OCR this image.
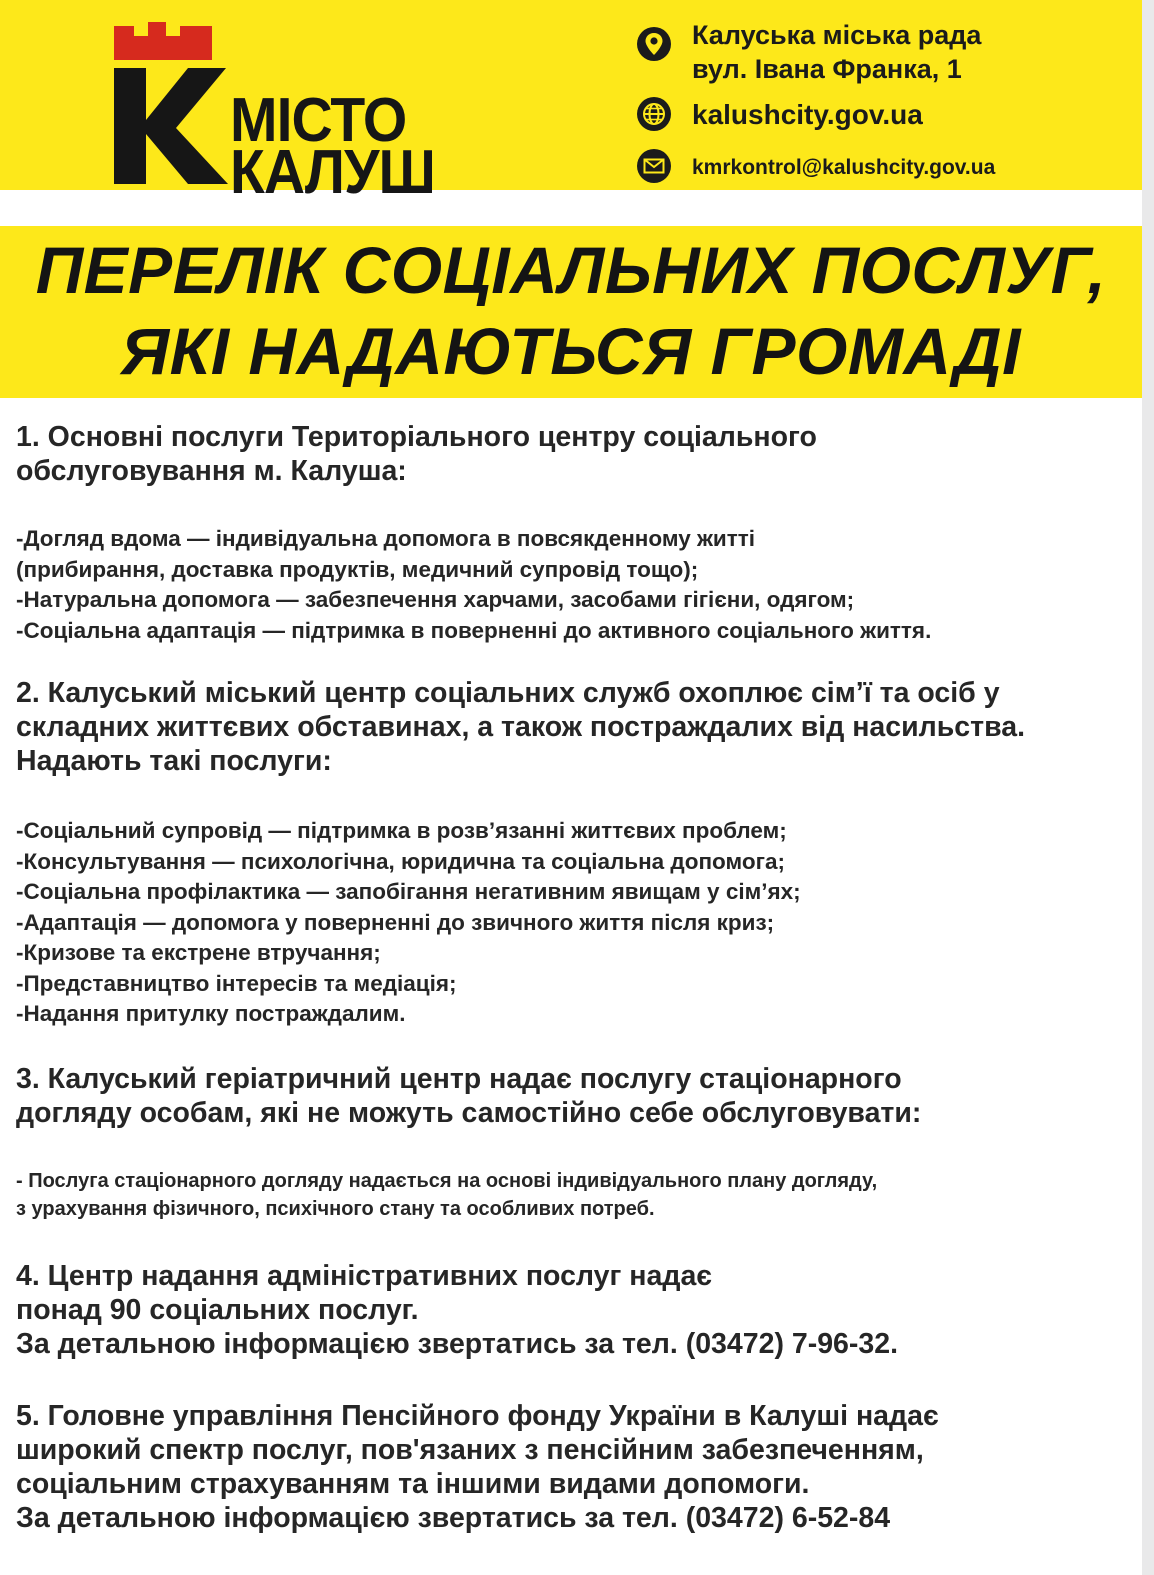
МІСТО
КАЛУШ
Калуська міська рада
вул. Івана Франка, 1
kalushcity.gov.ua
kmrkontrol@kalushcity.gov.ua
ПЕРЕЛІК СОЦІАЛЬНИХ ПОСЛУГ,
ЯКІ НАДАЮТЬСЯ ГРОМАДІ
1. Основні послуги Територіального центру соціального
обслуговування м. Калуша:
-Догляд вдома — індивідуальна допомога в повсякденному житті
(прибирання, доставка продуктів, медичний супровід тощо);
-Натуральна допомога — забезпечення харчами, засобами гігієни, одягом;
-Соціальна адаптація — підтримка в поверненні до активного соціального життя.
2. Калуський міський центр соціальних служб охоплює сім’ї та осіб у
складних життєвих обставинах, а також постраждалих від насильства.
Надають такі послуги:
-Соціальний супровід — підтримка в розв’язанні життєвих проблем;
-Консультування — психологічна, юридична та соціальна допомога;
-Соціальна профілактика — запобігання негативним явищам у сім’ях;
-Адаптація — допомога у поверненні до звичного життя після криз;
-Кризове та екстрене втручання;
-Представництво інтересів та медіація;
-Надання притулку постраждалим.
3. Калуський геріатричний центр надає послугу стаціонарного
догляду особам, які не можуть самостійно себе обслуговувати:
- Послуга стаціонарного догляду надається на основі індивідуального плану догляду,
з урахування фізичного, психічного стану та особливих потреб.
4. Центр надання адміністративних послуг надає
понад 90 соціальних послуг.
За детальною інформацією звертатись за тел. (03472) 7-96-32.
5. Головне управління Пенсійного фонду України в Калуші надає
широкий спектр послуг, пов'язаних з пенсійним забезпеченням,
соціальним страхуванням та іншими видами допомоги.
За детальною інформацією звертатись за тел. (03472) 6-52-84
